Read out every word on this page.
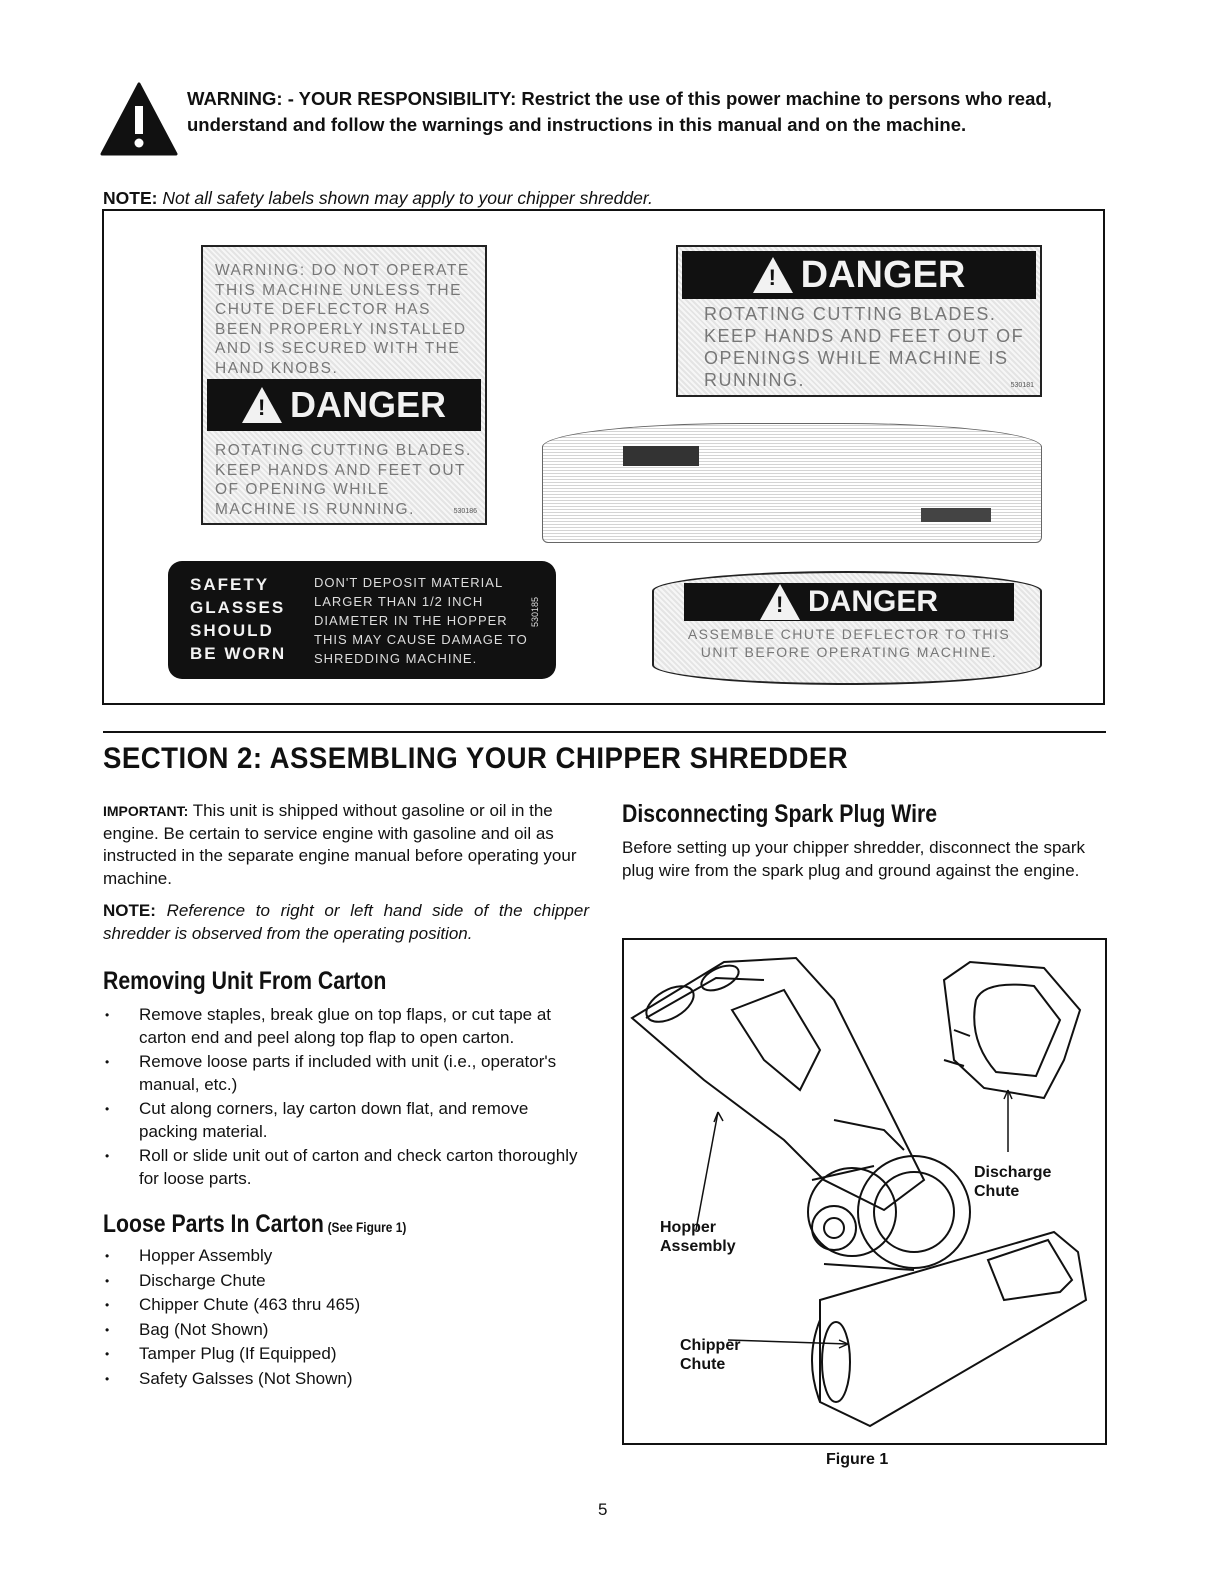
WARNING: - YOUR RESPONSIBILITY: Restrict the use of this power machine to persons who read, understand and follow the warnings and instructions in this manual and on the machine.
NOTE: Not all safety labels shown may apply to your chipper shredder.
WARNING: DO NOT OPERATE THIS MACHINE UNLESS THE CHUTE DEFLECTOR HAS BEEN PROPERLY INSTALLED AND IS SECURED WITH THE HAND KNOBS.
! DANGER
ROTATING CUTTING BLADES. KEEP HANDS AND FEET OUT OF OPENING WHILE MACHINE IS RUNNING.	530186
! DANGER
ROTATING CUTTING BLADES. KEEP HANDS AND FEET OUT OF OPENINGS WHILE MACHINE IS RUNNING.	530181
SAFETY GLASSES SHOULD BE WORN
DON'T DEPOSIT MATERIAL LARGER THAN 1/2 INCH DIAMETER IN THE HOPPER THIS MAY CAUSE DAMAGE TO SHREDDING MACHINE.
530185	! DANGER
ASSEMBLE CHUTE DEFLECTOR TO THIS UNIT BEFORE OPERATING MACHINE.
SECTION 2: ASSEMBLING YOUR CHIPPER SHREDDER

IMPORTANT: This unit is shipped without gasoline or oil in the engine. Be certain to service engine with gasoline and oil as instructed in the separate engine manual before operating your machine.

NOTE: Reference to right or left hand side of the chipper shredder is observed from the operating position.

Removing Unit From Carton
• Remove staples, break glue on top flaps, or cut tape at carton end and peel along top flap to open carton.
• Remove loose parts if included with unit (i.e., operator's manual, etc.)
• Cut along corners, lay carton down flat, and remove packing material.
• Roll or slide unit out of carton and check carton thoroughly for loose parts.
Loose Parts In Carton (See Figure 1)
• Hopper Assembly
• Discharge Chute
• Chipper Chute (463 thru 465)
• Bag (Not Shown)
• Tamper Plug (If Equipped)
• Safety Galsses (Not Shown)
Disconnecting Spark Plug Wire

Before setting up your chipper shredder, disconnect the spark plug wire from the spark plug and ground against the engine.

Hopper
Assembly
Discharge
Chute
Chipper
Chute
Figure 1
5
